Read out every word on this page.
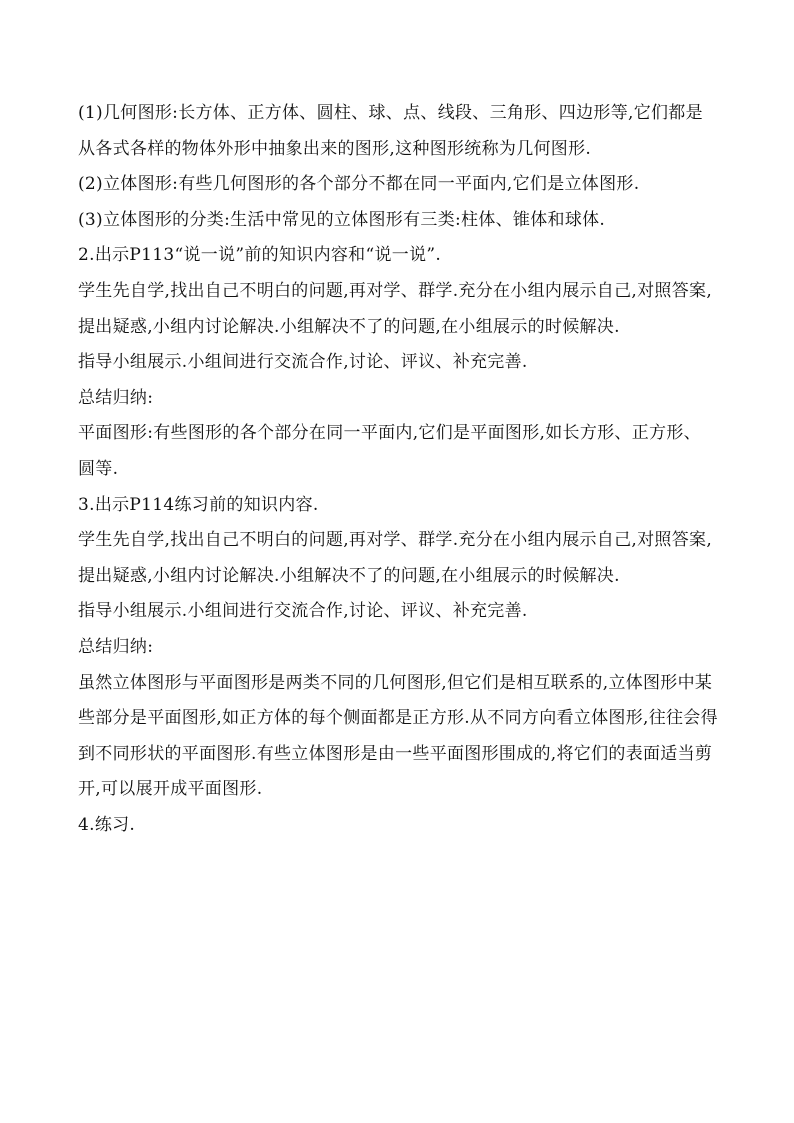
(1)几何图形:长方体、正方体、圆柱、球、点、线段、三角形、四边形等,它们都是从各式各样的物体外形中抽象出来的图形,这种图形统称为几何图形.

(2)立体图形:有些几何图形的各个部分不都在同一平面内,它们是立体图形.

(3)立体图形的分类:生活中常见的立体图形有三类:柱体、锥体和球体.

2.出示P113“说一说”前的知识内容和“说一说”.

学生先自学,找出自己不明白的问题,再对学、群学.充分在小组内展示自己,对照答案,提出疑惑,小组内讨论解决.小组解决不了的问题,在小组展示的时候解决.

指导小组展示.小组间进行交流合作,讨论、评议、补充完善.

总结归纳:

平面图形:有些图形的各个部分在同一平面内,它们是平面图形,如长方形、正方形、圆等.

3.出示P114练习前的知识内容.

学生先自学,找出自己不明白的问题,再对学、群学.充分在小组内展示自己,对照答案,提出疑惑,小组内讨论解决.小组解决不了的问题,在小组展示的时候解决.

指导小组展示.小组间进行交流合作,讨论、评议、补充完善.

总结归纳:

虽然立体图形与平面图形是两类不同的几何图形,但它们是相互联系的,立体图形中某些部分是平面图形,如正方体的每个侧面都是正方形.从不同方向看立体图形,往往会得到不同形状的平面图形.有些立体图形是由一些平面图形围成的,将它们的表面适当剪开,可以展开成平面图形.

4.练习.
